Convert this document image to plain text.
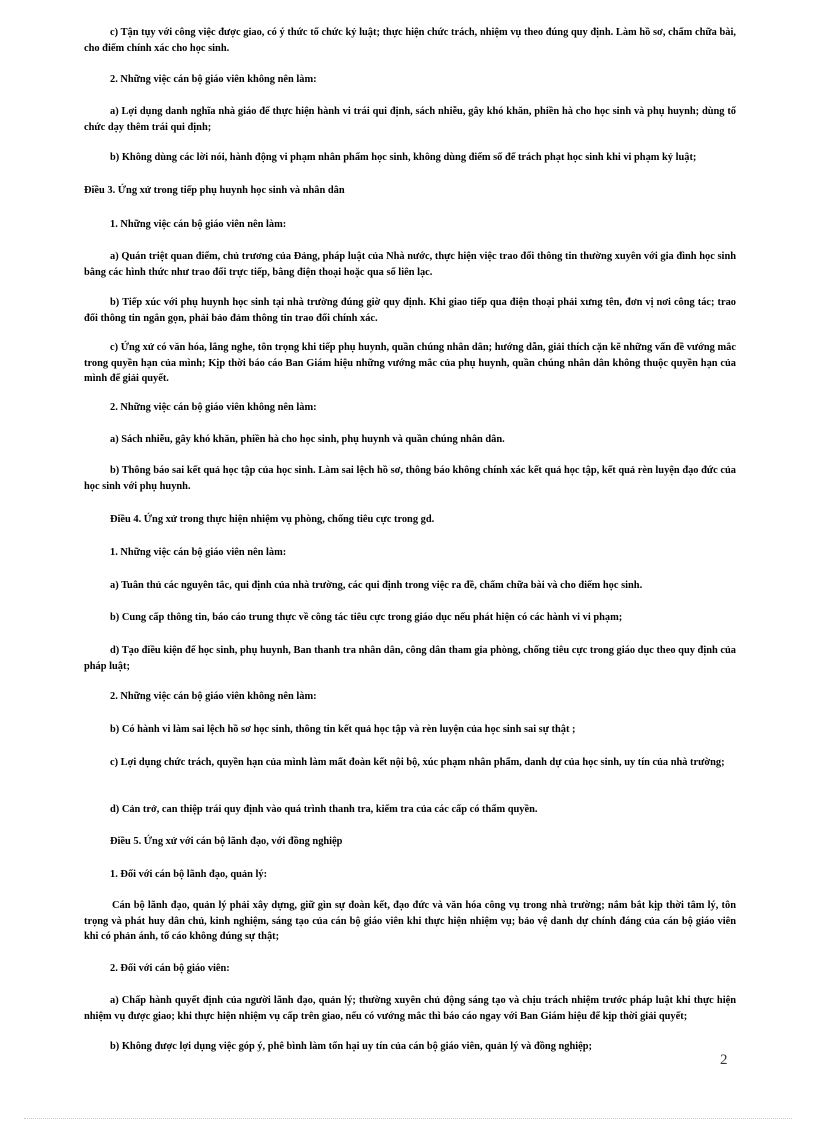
c) Tận tụy với công việc được giao, có ý thức tổ chức kỷ luật; thực hiện chức trách, nhiệm vụ theo đúng quy định. Làm hồ sơ, chấm chữa bài, cho điểm chính xác cho học sinh.

2. Những việc cán bộ giáo viên không nên làm:

a) Lợi dụng danh nghĩa nhà giáo để thực hiện hành vi trái qui định, sách nhiễu, gây khó khăn, phiền hà cho học sinh và phụ huynh; dùng tổ chức dạy thêm trái qui định;

b) Không dùng các lời nói, hành động vi phạm nhân phẩm học sinh, không dùng điểm số để trách phạt học sinh khi vi phạm kỷ luật;

Điều 3. Ứng xử trong tiếp phụ huynh học sinh và nhân dân

1. Những việc cán bộ giáo viên nên làm:

a) Quán triệt quan điểm, chủ trương của Đảng, pháp luật của Nhà nước, thực hiện việc trao đổi thông tin thường xuyên với gia đình học sinh bằng các hình thức như trao đổi trực tiếp, bằng điện thoại hoặc qua sổ liên lạc.

b) Tiếp xúc với phụ huynh học sinh tại nhà trường đúng giờ quy định. Khi giao tiếp qua điện thoại phải xưng tên, đơn vị nơi công tác; trao đổi thông tin ngắn gọn, phải bảo đảm thông tin trao đổi chính xác.

c) Ứng xử có văn hóa, lắng nghe, tôn trọng khi tiếp phụ huynh, quần chúng nhân dân; hướng dẫn, giải thích cặn kẽ những vấn đề vướng mắc trong quyền hạn của mình; Kịp thời báo cáo Ban Giám hiệu những vướng mắc của phụ huynh, quần chúng nhân dân không thuộc quyền hạn của mình để giải quyết.

2. Những việc cán bộ giáo viên không nên làm:

a) Sách nhiễu, gây khó khăn, phiền hà cho học sinh, phụ huynh và quần chúng nhân dân.

b) Thông báo sai kết quả học tập của học sinh. Làm sai lệch hồ sơ, thông báo không chính xác kết quả học tập, kết quả rèn luyện đạo đức của học sinh với phụ huynh.

Điều 4. Ứng xử trong thực hiện nhiệm vụ phòng, chống tiêu cực trong gd.

1. Những việc cán bộ giáo viên nên làm:

a) Tuân thủ các nguyên tắc, qui định của nhà trường, các qui định trong việc ra đề, chấm chữa bài và cho điểm học sinh.

b) Cung cấp thông tin, báo cáo trung thực về công tác tiêu cực trong giáo dục nếu phát hiện có các hành vi vi phạm;

d) Tạo điều kiện để học sinh, phụ huynh, Ban thanh tra nhân dân, công dân tham gia phòng, chống tiêu cực trong giáo dục theo quy định của pháp luật;

2. Những việc cán bộ giáo viên không nên làm:

b) Có hành vi làm sai lệch hồ sơ học sinh, thông tin kết quả học tập và rèn luyện của học sinh sai sự thật ;

c) Lợi dụng chức trách, quyền hạn của mình làm mất đoàn kết nội bộ, xúc phạm nhân phẩm, danh dự của học sinh, uy tín của nhà trường;

d) Cản trở, can thiệp trái quy định vào quá trình thanh tra, kiểm tra của các cấp có thẩm quyền.

Điều 5. Ứng xử với cán bộ lãnh đạo, với đồng nghiệp

1. Đối với cán bộ lãnh đạo, quản lý:

Cán bộ lãnh đạo, quản lý phải xây dựng, giữ gìn sự đoàn kết, đạo đức và văn hóa công vụ trong nhà trường; nắm bắt kịp thời tâm lý, tôn trọng và phát huy dân chủ, kinh nghiệm, sáng tạo của cán bộ giáo viên khi thực hiện nhiệm vụ; bảo vệ danh dự chính đáng của cán bộ giáo viên khi có phản ánh, tố cáo không đúng sự thật;

2. Đối với cán bộ giáo viên:

a) Chấp hành quyết định của người lãnh đạo, quản lý; thường xuyên chủ động sáng tạo và chịu trách nhiệm trước pháp luật khi thực hiện nhiệm vụ được giao; khi thực hiện nhiệm vụ cấp trên giao, nếu có vướng mắc thì báo cáo ngay với Ban Giám hiệu để kịp thời giải quyết;

b) Không được lợi dụng việc góp ý, phê bình làm tổn hại uy tín của cán bộ giáo viên, quản lý và đồng nghiệp;

2
